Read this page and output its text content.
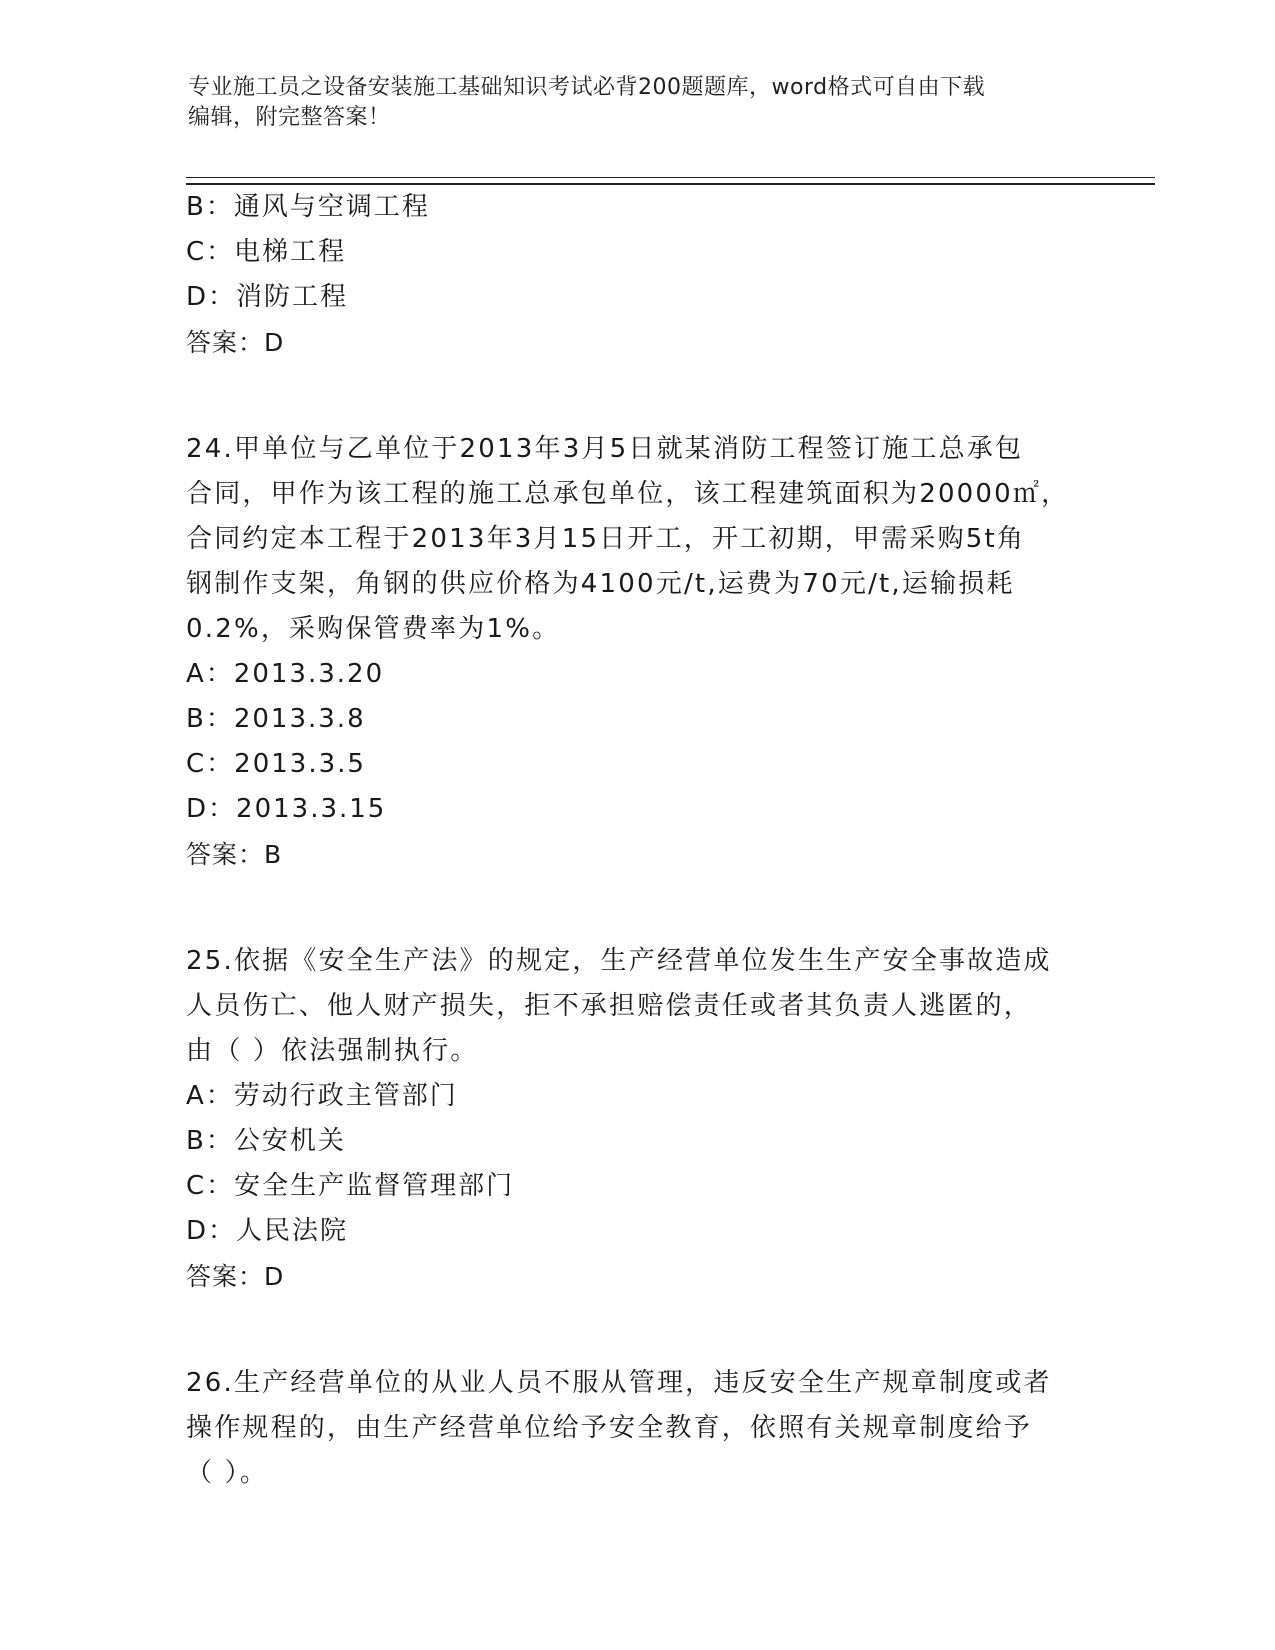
专业施工员之设备安装施工基础知识考试必背200题题库，word格式可自由下载
编辑，附完整答案！
B：通风与空调工程
C：电梯工程
D：消防工程
答案：D
24.甲单位与乙单位于2013年3月5日就某消防工程签订施工总承包
合同，甲作为该工程的施工总承包单位，该工程建筑面积为20000㎡，
合同约定本工程于2013年3月15日开工，开工初期，甲需采购5t角
钢制作支架，角钢的供应价格为4100元/t,运费为70元/t,运输损耗
0.2%，采购保管费率为1%。
A：2013.3.20
B：2013.3.8
C：2013.3.5
D：2013.3.15
答案：B
25.依据《安全生产法》的规定，生产经营单位发生生产安全事故造成
人员伤亡、他人财产损失，拒不承担赔偿责任或者其负责人逃匿的，
由（ ）依法强制执行。
A：劳动行政主管部门
B：公安机关
C：安全生产监督管理部门
D：人民法院
答案：D
26.生产经营单位的从业人员不服从管理，违反安全生产规章制度或者
操作规程的，由生产经营单位给予安全教育，依照有关规章制度给予
（ ）。
